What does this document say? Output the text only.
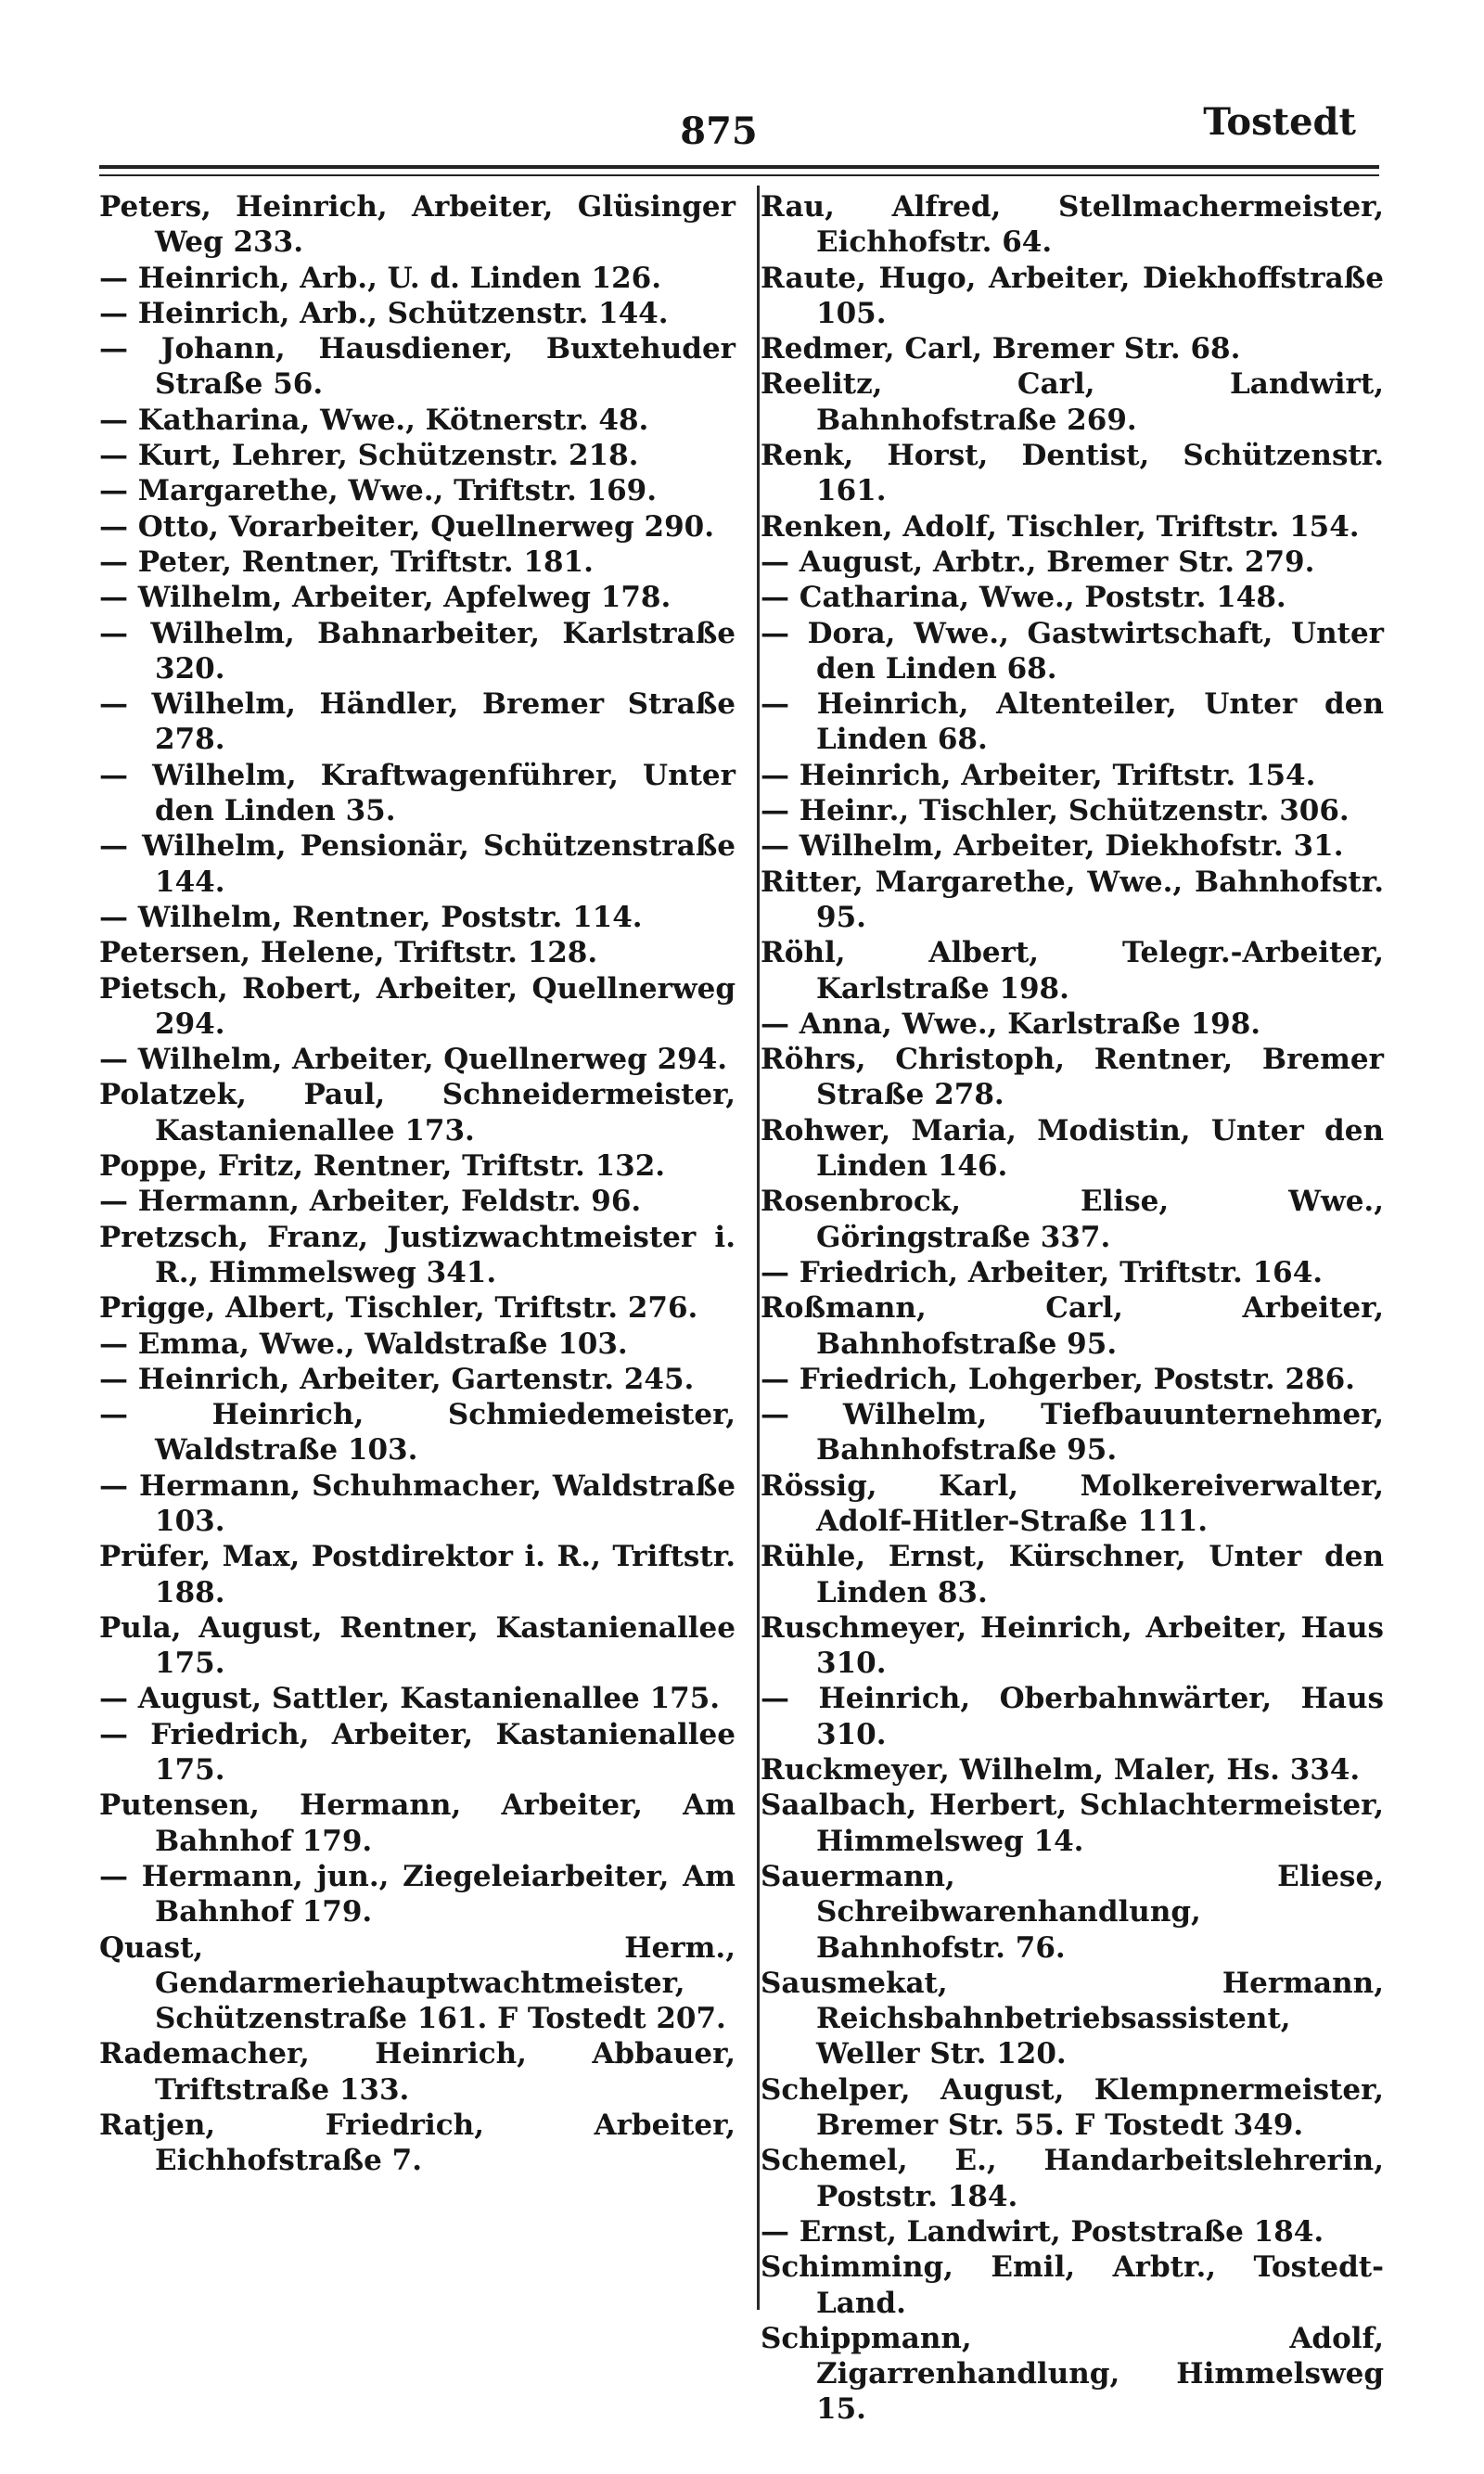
875	Tostedt
Peters, Heinrich, Arbeiter, Glüsinger Weg 233.
— Heinrich, Arb., U. d. Linden 126.
— Heinrich, Arb., Schützenstr. 144.
— Johann, Hausdiener, Buxtehuder Straße 56.
— Katharina, Wwe., Kötnerstr. 48.
— Kurt, Lehrer, Schützenstr. 218.
— Margarethe, Wwe., Triftstr. 169.
— Otto, Vorarbeiter, Quellnerweg 290.
— Peter, Rentner, Triftstr. 181.
— Wilhelm, Arbeiter, Apfelweg 178.
— Wilhelm, Bahnarbeiter, Karlstraße 320.
— Wilhelm, Händler, Bremer Straße 278.
— Wilhelm, Kraftwagenführer, Unter den Linden 35.
— Wilhelm, Pensionär, Schützenstraße 144.
— Wilhelm, Rentner, Poststr. 114.
Petersen, Helene, Triftstr. 128.
Pietsch, Robert, Arbeiter, Quellnerweg 294.
— Wilhelm, Arbeiter, Quellnerweg 294.
Polatzek, Paul, Schneidermeister, Kastanienallee 173.
Poppe, Fritz, Rentner, Triftstr. 132.
— Hermann, Arbeiter, Feldstr. 96.
Pretzsch, Franz, Justizwachtmeister i. R., Himmelsweg 341.
Prigge, Albert, Tischler, Triftstr. 276.
— Emma, Wwe., Waldstraße 103.
— Heinrich, Arbeiter, Gartenstr. 245.
— Heinrich, Schmiedemeister, Waldstraße 103.
— Hermann, Schuhmacher, Waldstraße 103.
Prüfer, Max, Postdirektor i. R., Triftstr. 188.
Pula, August, Rentner, Kastanienallee 175.
— August, Sattler, Kastanienallee 175.
— Friedrich, Arbeiter, Kastanienallee 175.
Putensen, Hermann, Arbeiter, Am Bahnhof 179.
— Hermann, jun., Ziegeleiarbeiter, Am Bahnhof 179.
Quast, Herm., Gendarmeriehauptwachtmeister, Schützenstraße 161. F Tostedt 207.
Rademacher, Heinrich, Abbauer, Triftstraße 133.
Ratjen, Friedrich, Arbeiter, Eichhofstraße 7.
Rau, Alfred, Stellmachermeister, Eichhofstr. 64.
Raute, Hugo, Arbeiter, Diekhoffstraße 105.
Redmer, Carl, Bremer Str. 68.
Reelitz, Carl, Landwirt, Bahnhofstraße 269.
Renk, Horst, Dentist, Schützenstr. 161.
Renken, Adolf, Tischler, Triftstr. 154.
— August, Arbtr., Bremer Str. 279.
— Catharina, Wwe., Poststr. 148.
— Dora, Wwe., Gastwirtschaft, Unter den Linden 68.
— Heinrich, Altenteiler, Unter den Linden 68.
— Heinrich, Arbeiter, Triftstr. 154.
— Heinr., Tischler, Schützenstr. 306.
— Wilhelm, Arbeiter, Diekhofstr. 31.
Ritter, Margarethe, Wwe., Bahnhofstr. 95.
Röhl, Albert, Telegr.-Arbeiter, Karlstraße 198.
— Anna, Wwe., Karlstraße 198.
Röhrs, Christoph, Rentner, Bremer Straße 278.
Rohwer, Maria, Modistin, Unter den Linden 146.
Rosenbrock, Elise, Wwe., Göringstraße 337.
— Friedrich, Arbeiter, Triftstr. 164.
Roßmann, Carl, Arbeiter, Bahnhofstraße 95.
— Friedrich, Lohgerber, Poststr. 286.
— Wilhelm, Tiefbauunternehmer, Bahnhofstraße 95.
Rössig, Karl, Molkereiverwalter, Adolf-Hitler-Straße 111.
Rühle, Ernst, Kürschner, Unter den Linden 83.
Ruschmeyer, Heinrich, Arbeiter, Haus 310.
— Heinrich, Oberbahnwärter, Haus 310.
Ruckmeyer, Wilhelm, Maler, Hs. 334.
Saalbach, Herbert, Schlachtermeister, Himmelsweg 14.
Sauermann, Eliese, Schreibwarenhandlung, Bahnhofstr. 76.
Sausmekat, Hermann, Reichsbahnbetriebsassistent, Weller Str. 120.
Schelper, August, Klempnermeister, Bremer Str. 55. F Tostedt 349.
Schemel, E., Handarbeitslehrerin, Poststr. 184.
— Ernst, Landwirt, Poststraße 184.
Schimming, Emil, Arbtr., Tostedt-Land.
Schippmann, Adolf, Zigarrenhandlung, Himmelsweg 15.
